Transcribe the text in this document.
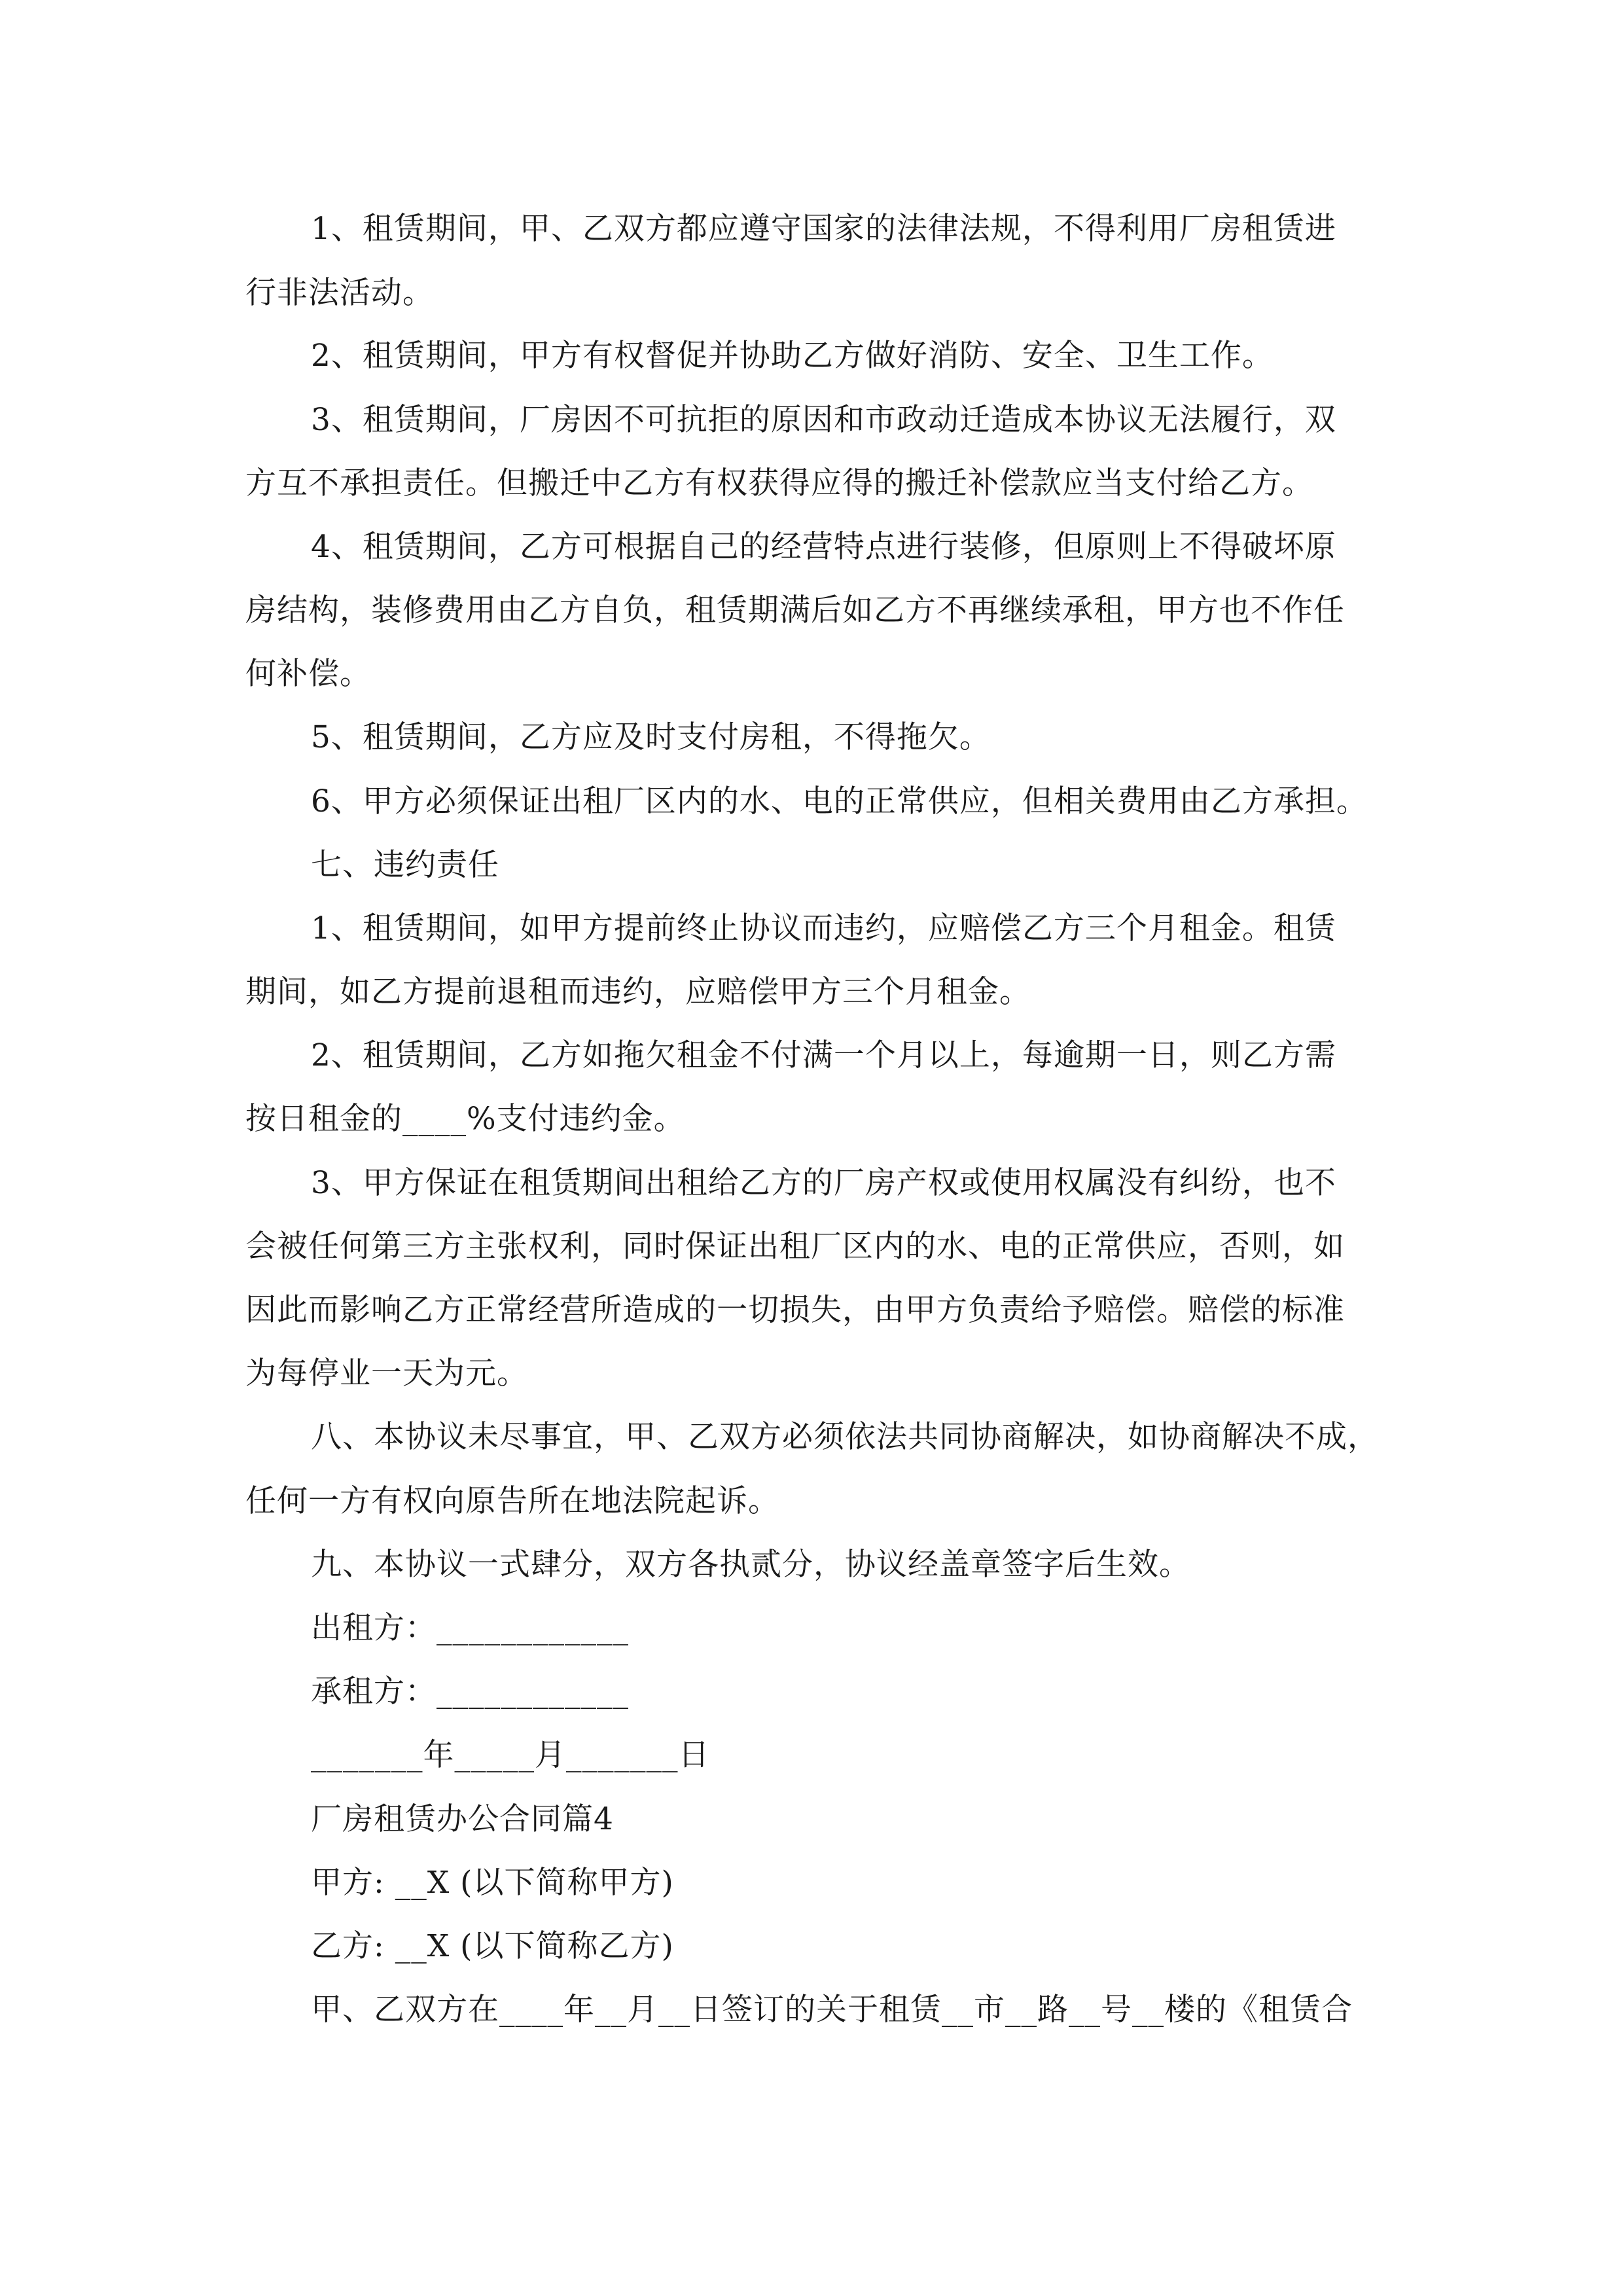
1、租赁期间，甲、乙双方都应遵守国家的法律法规，不得利用厂房租赁进
行非法活动。
2、租赁期间，甲方有权督促并协助乙方做好消防、安全、卫生工作。
3、租赁期间，厂房因不可抗拒的原因和市政动迁造成本协议无法履行，双
方互不承担责任。但搬迁中乙方有权获得应得的搬迁补偿款应当支付给乙方。
4、租赁期间，乙方可根据自己的经营特点进行装修，但原则上不得破坏原
房结构，装修费用由乙方自负，租赁期满后如乙方不再继续承租，甲方也不作任
何补偿。
5、租赁期间，乙方应及时支付房租，不得拖欠。
6、甲方必须保证出租厂区内的水、电的正常供应，但相关费用由乙方承担。
七、违约责任
1、租赁期间，如甲方提前终止协议而违约，应赔偿乙方三个月租金。租赁
期间，如乙方提前退租而违约，应赔偿甲方三个月租金。
2、租赁期间，乙方如拖欠租金不付满一个月以上，每逾期一日，则乙方需
按日租金的____%支付违约金。
3、甲方保证在租赁期间出租给乙方的厂房产权或使用权属没有纠纷，也不
会被任何第三方主张权利，同时保证出租厂区内的水、电的正常供应，否则，如
因此而影响乙方正常经营所造成的一切损失，由甲方负责给予赔偿。赔偿的标准
为每停业一天为元。
八、本协议未尽事宜，甲、乙双方必须依法共同协商解决，如协商解决不成，
任何一方有权向原告所在地法院起诉。
九、本协议一式肆分，双方各执贰分，协议经盖章签字后生效。
出租方：____________
承租方：____________
_______年_____月_______日
厂房租赁办公合同篇4
甲方: __X (以下简称甲方)
乙方: __X (以下简称乙方)
甲、乙双方在____年__月__日签订的关于租赁__市__路__号__楼的《租赁合
